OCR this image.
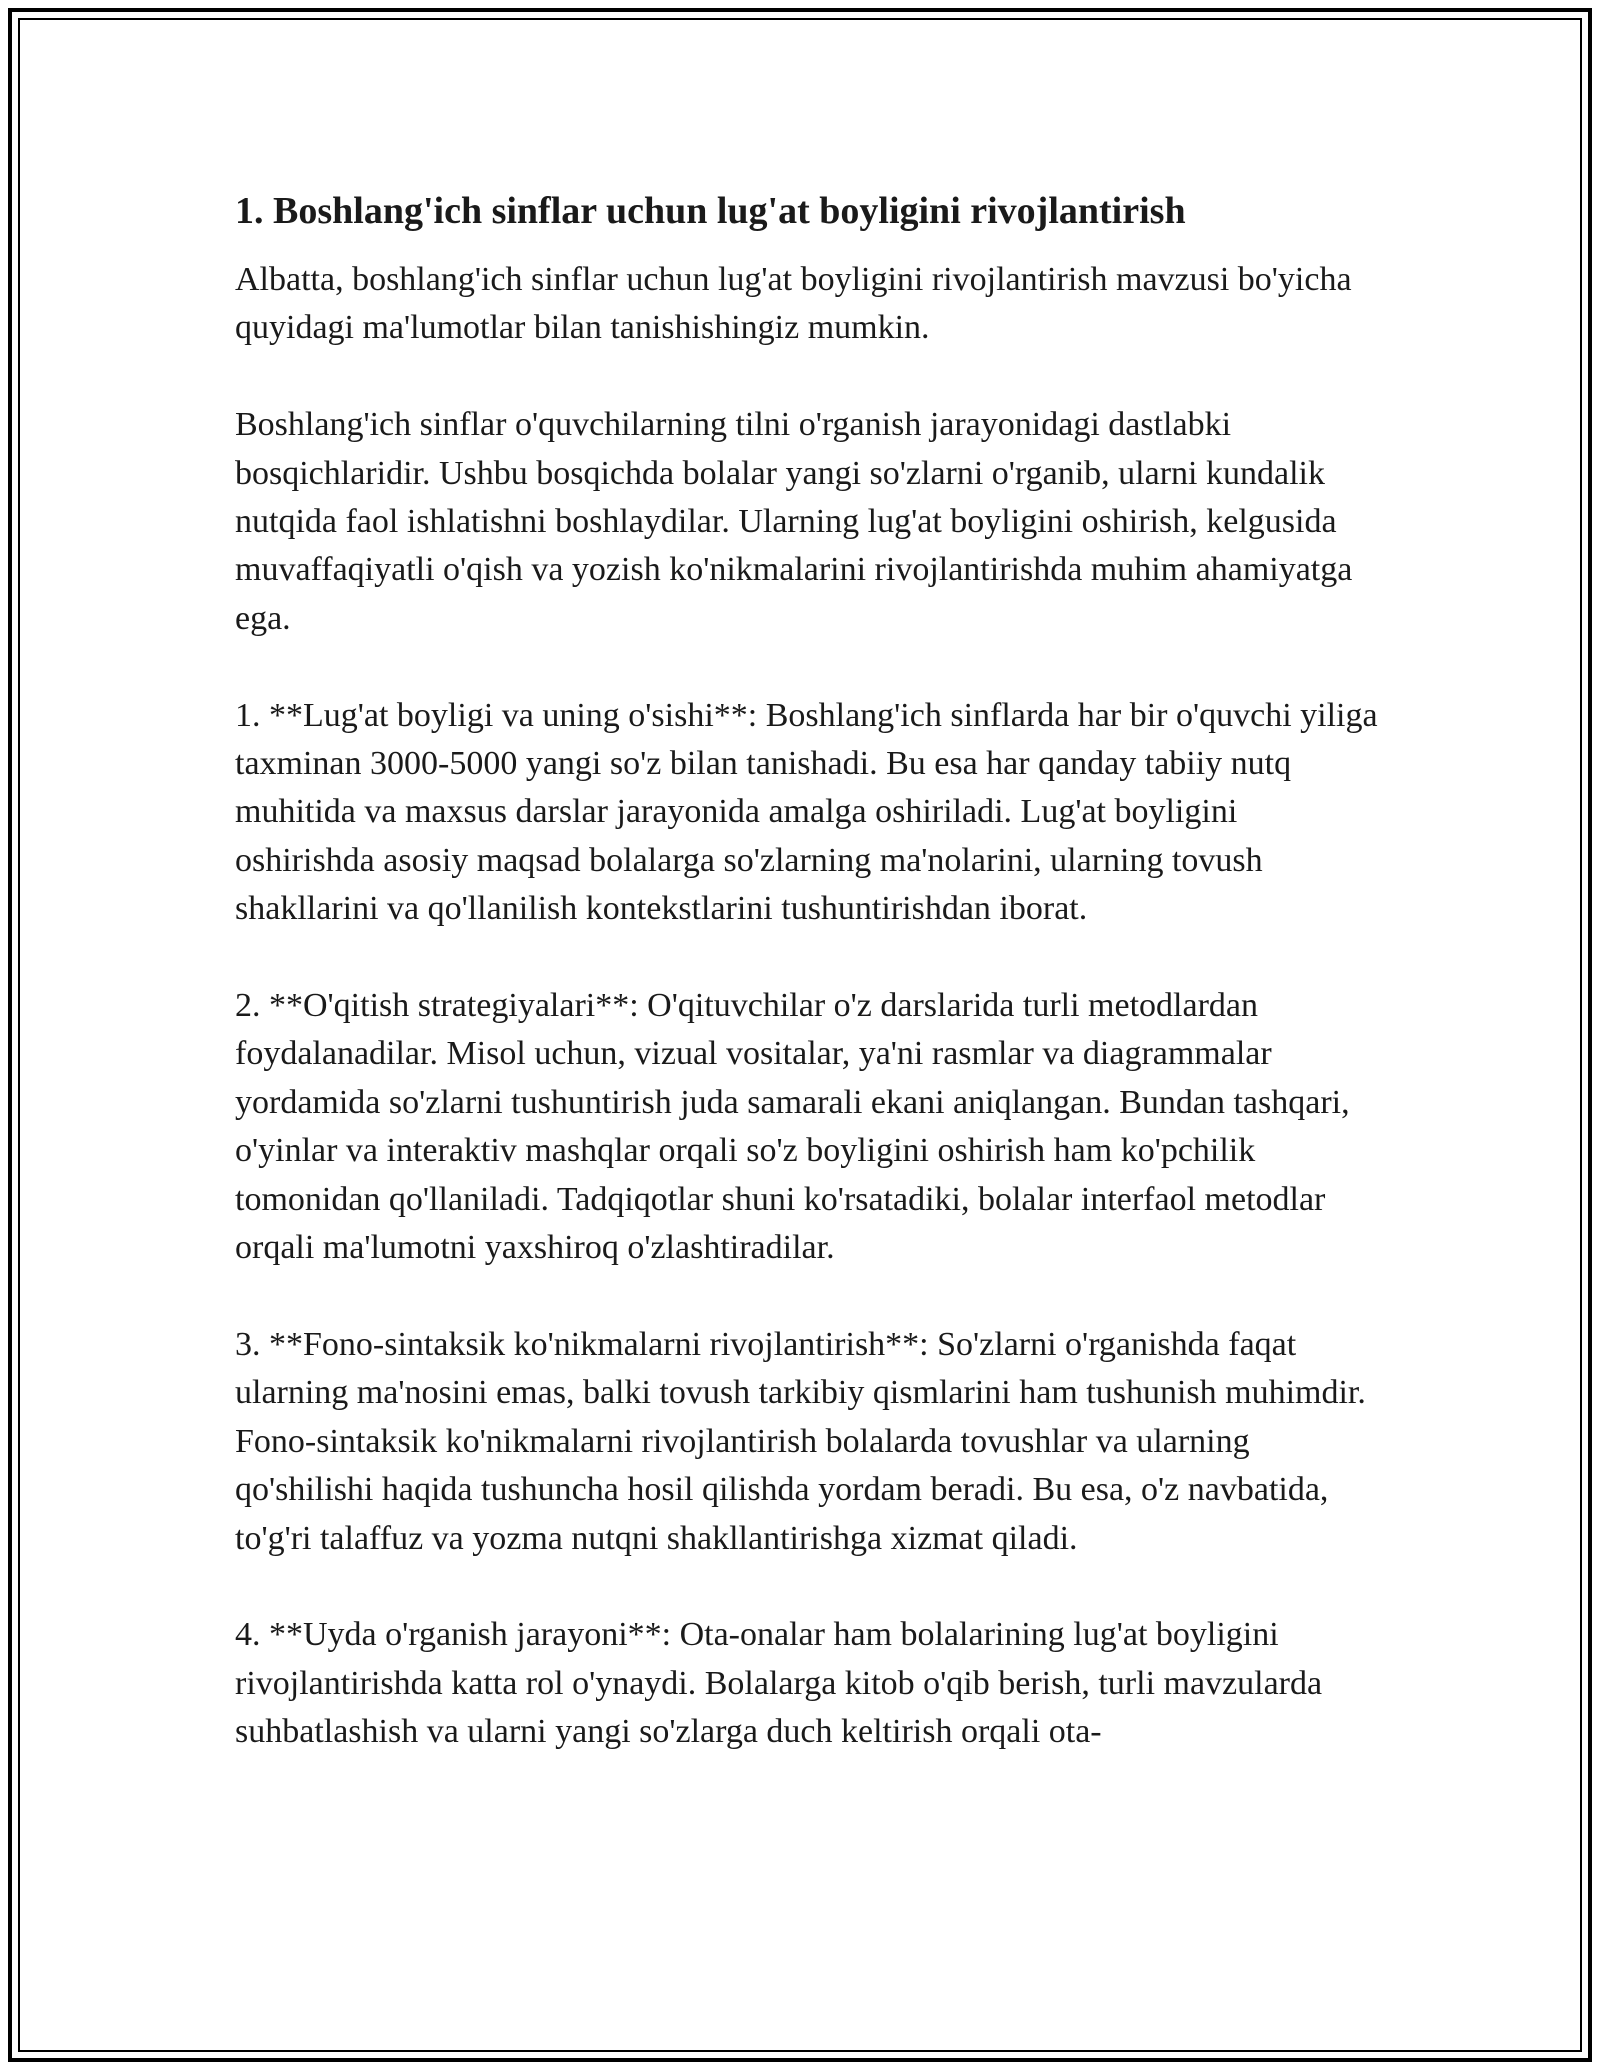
1. Boshlang'ich sinflar uchun lug'at boyligini rivojlantirish

Albatta, boshlang'ich sinflar uchun lug'at boyligini rivojlantirish mavzusi bo'yicha quyidagi ma'lumotlar bilan tanishishingiz mumkin.

Boshlang'ich sinflar o'quvchilarning tilni o'rganish jarayonidagi dastlabki bosqichlaridir. Ushbu bosqichda bolalar yangi so'zlarni o'rganib, ularni kundalik nutqida faol ishlatishni boshlaydilar. Ularning lug'at boyligini oshirish, kelgusida muvaffaqiyatli o'qish va yozish ko'nikmalarini rivojlantirishda muhim ahamiyatga ega.

1. **Lug'at boyligi va uning o'sishi**: Boshlang'ich sinflarda har bir o'quvchi yiliga taxminan 3000-5000 yangi so'z bilan tanishadi. Bu esa har qanday tabiiy nutq muhitida va maxsus darslar jarayonida amalga oshiriladi. Lug'at boyligini oshirishda asosiy maqsad bolalarga so'zlarning ma'nolarini, ularning tovush shakllarini va qo'llanilish kontekstlarini tushuntirishdan iborat.

2. **O'qitish strategiyalari**: O'qituvchilar o'z darslarida turli metodlardan foydalanadilar. Misol uchun, vizual vositalar, ya'ni rasmlar va diagrammalar yordamida so'zlarni tushuntirish juda samarali ekani aniqlangan. Bundan tashqari, o'yinlar va interaktiv mashqlar orqali so'z boyligini oshirish ham ko'pchilik tomonidan qo'llaniladi. Tadqiqotlar shuni ko'rsatadiki, bolalar interfaol metodlar orqali ma'lumotni yaxshiroq o'zlashtiradilar.

3. **Fono-sintaksik ko'nikmalarni rivojlantirish**: So'zlarni o'rganishda faqat ularning ma'nosini emas, balki tovush tarkibiy qismlarini ham tushunish muhimdir. Fono-sintaksik ko'nikmalarni rivojlantirish bolalarda tovushlar va ularning qo'shilishi haqida tushuncha hosil qilishda yordam beradi. Bu esa, o'z navbatida, to'g'ri talaffuz va yozma nutqni shakllantirishga xizmat qiladi.

4. **Uyda o'rganish jarayoni**: Ota-onalar ham bolalarining lug'at boyligini rivojlantirishda katta rol o'ynaydi. Bolalarga kitob o'qib berish, turli mavzularda suhbatlashish va ularni yangi so'zlarga duch keltirish orqali ota-
